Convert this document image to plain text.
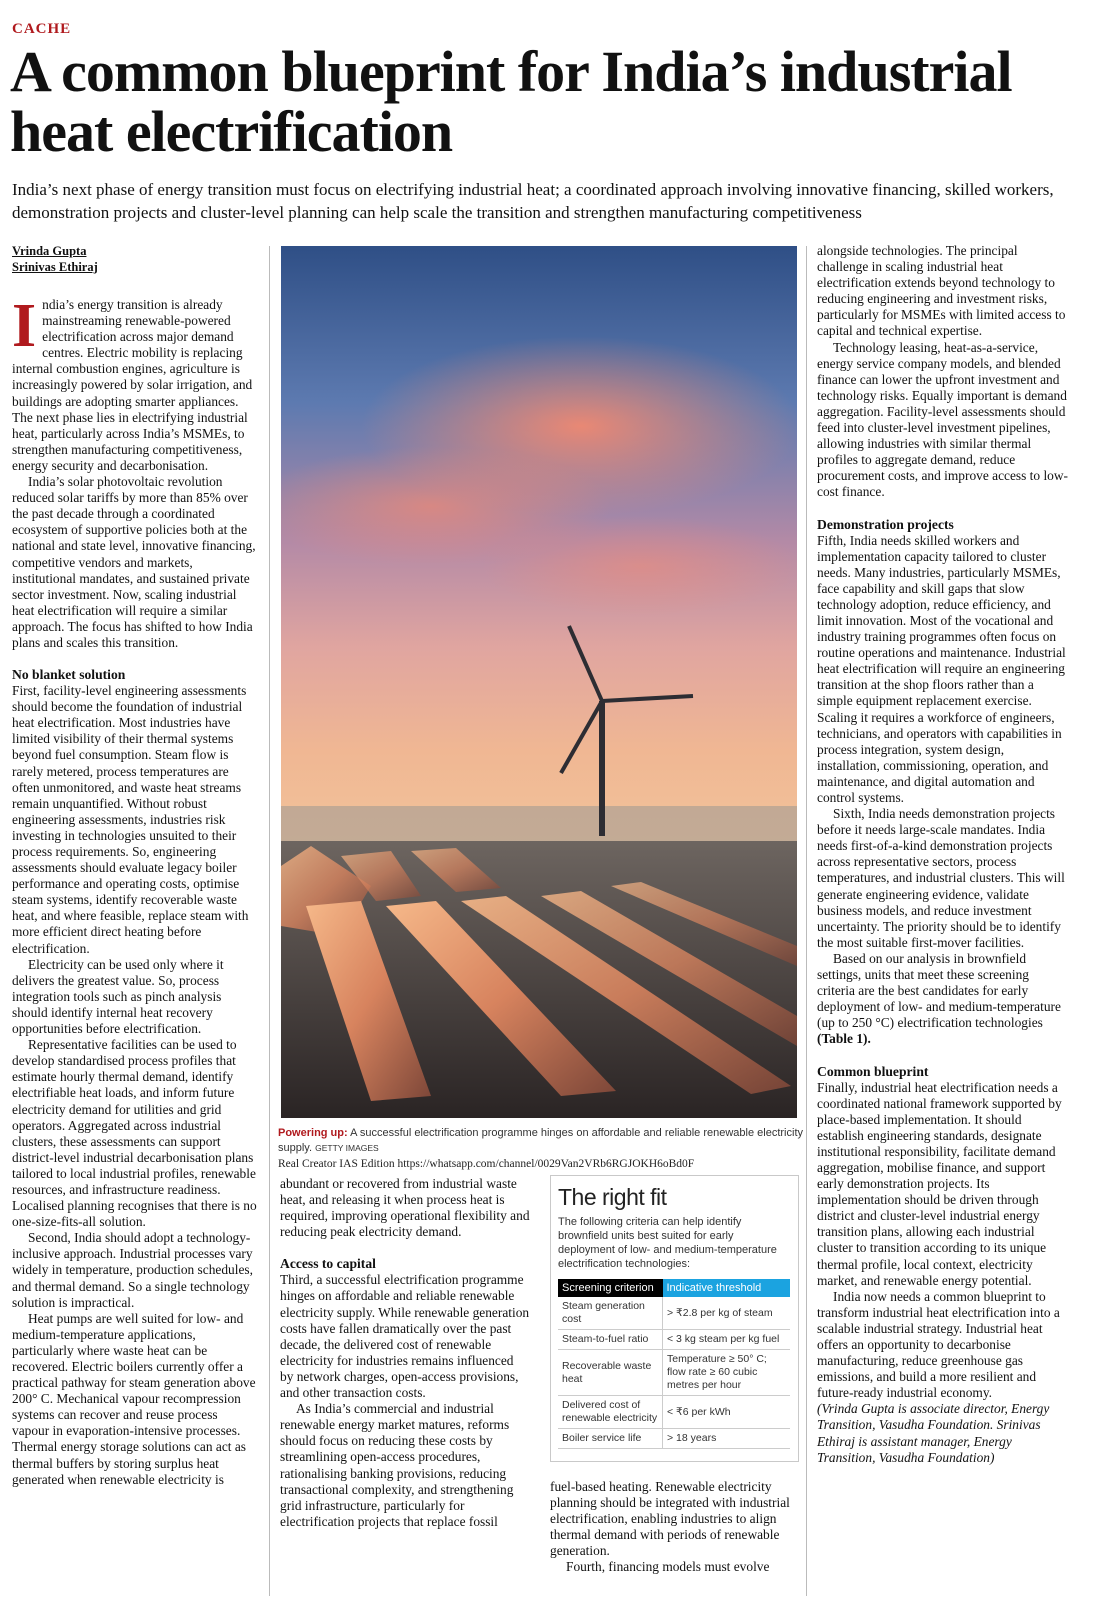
CACHE
A common blueprint for India’s industrial heat electrification
India’s next phase of energy transition must focus on electrifying industrial heat; a coordinated approach involving innovative financing, skilled workers, demonstration projects and cluster-level planning can help scale the transition and strengthen manufacturing competitiveness
Vrinda Gupta
Srinivas Ethiraj

India’s energy transition is already mainstreaming renewable-powered electrification across major demand centres. Electric mobility is replacing internal combustion engines, agriculture is increasingly powered by solar irrigation, and buildings are adopting smarter appliances. The next phase lies in electrifying industrial heat, particularly across India’s MSMEs, to strengthen manufacturing competitiveness, energy security and decarbonisation.

India’s solar photovoltaic revolution reduced solar tariffs by more than 85% over the past decade through a coordinated ecosystem of supportive policies both at the national and state level, innovative financing, competitive vendors and markets, institutional mandates, and sustained private sector investment. Now, scaling industrial heat electrification will require a similar approach. The focus has shifted to how India plans and scales this transition.

No blanket solution

First, facility-level engineering assessments should become the foundation of industrial heat electrification. Most industries have limited visibility of their thermal systems beyond fuel consumption. Steam flow is rarely metered, process temperatures are often unmonitored, and waste heat streams remain unquantified. Without robust engineering assessments, industries risk investing in technologies unsuited to their process requirements. So, engineering assessments should evaluate legacy boiler performance and operating costs, optimise steam systems, identify recoverable waste heat, and where feasible, replace steam with more efficient direct heating before electrification.

Electricity can be used only where it delivers the greatest value. So, process integration tools such as pinch analysis should identify internal heat recovery opportunities before electrification.

Representative facilities can be used to develop standardised process profiles that estimate hourly thermal demand, identify electrifiable heat loads, and inform future electricity demand for utilities and grid operators. Aggregated across industrial clusters, these assessments can support district-level industrial decarbonisation plans tailored to local industrial profiles, renewable resources, and infrastructure readiness. Localised planning recognises that there is no one-size-fits-all solution.

Second, India should adopt a technology-inclusive approach. Industrial processes vary widely in temperature, production schedules, and thermal demand. So a single technology solution is impractical.

Heat pumps are well suited for low- and medium-temperature applications, particularly where waste heat can be recovered. Electric boilers currently offer a practical pathway for steam generation above 200° C. Mechanical vapour recompression systems can recover and reuse process vapour in evaporation-intensive processes. Thermal energy storage solutions can act as thermal buffers by storing surplus heat generated when renewable electricity is

Powering up: A successful electrification programme hinges on affordable and reliable renewable electricity supply. GETTY IMAGES
Real Creator IAS Edition https://whatsapp.com/channel/0029Van2VRb6RGJOKH6oBd0F

abundant or recovered from industrial waste heat, and releasing it when process heat is required, improving operational flexibility and reducing peak electricity demand.

Access to capital

Third, a successful electrification programme hinges on affordable and reliable renewable electricity supply. While renewable generation costs have fallen dramatically over the past decade, the delivered cost of renewable electricity for industries remains influenced by network charges, open-access provisions, and other transaction costs.

As India’s commercial and industrial renewable energy market matures, reforms should focus on reducing these costs by streamlining open-access procedures, rationalising banking provisions, reducing transactional complexity, and strengthening grid infrastructure, particularly for electrification projects that replace fossil

The right fit
The following criteria can help identify brownfield units best suited for early deployment of low- and medium-temperature electrification technologies:
Screening criterion	Indicative threshold
Steam generation cost	> ₹2.8 per kg of steam
Steam-to-fuel ratio	< 3 kg steam per kg fuel
Recoverable waste heat	Temperature ≥ 50° C; flow rate ≥ 60 cubic metres per hour
Delivered cost of renewable electricity	< ₹6 per kWh
Boiler service life	> 18 years

fuel-based heating. Renewable electricity planning should be integrated with industrial electrification, enabling industries to align thermal demand with periods of renewable generation.

Fourth, financing models must evolve

alongside technologies. The principal challenge in scaling industrial heat electrification extends beyond technology to reducing engineering and investment risks, particularly for MSMEs with limited access to capital and technical expertise.

Technology leasing, heat-as-a-service, energy service company models, and blended finance can lower the upfront investment and technology risks. Equally important is demand aggregation. Facility-level assessments should feed into cluster-level investment pipelines, allowing industries with similar thermal profiles to aggregate demand, reduce procurement costs, and improve access to low-cost finance.

Demonstration projects

Fifth, India needs skilled workers and implementation capacity tailored to cluster needs. Many industries, particularly MSMEs, face capability and skill gaps that slow technology adoption, reduce efficiency, and limit innovation. Most of the vocational and industry training programmes often focus on routine operations and maintenance. Industrial heat electrification will require an engineering transition at the shop floors rather than a simple equipment replacement exercise. Scaling it requires a workforce of engineers, technicians, and operators with capabilities in process integration, system design, installation, commissioning, operation, and maintenance, and digital automation and control systems.

Sixth, India needs demonstration projects before it needs large-scale mandates. India needs first-of-a-kind demonstration projects across representative sectors, process temperatures, and industrial clusters. This will generate engineering evidence, validate business models, and reduce investment uncertainty. The priority should be to identify the most suitable first-mover facilities.

Based on our analysis in brownfield settings, units that meet these screening criteria are the best candidates for early deployment of low- and medium-temperature (up to 250 °C) electrification technologies (Table 1).

Common blueprint

Finally, industrial heat electrification needs a coordinated national framework supported by place-based implementation. It should establish engineering standards, designate institutional responsibility, facilitate demand aggregation, mobilise finance, and support early demonstration projects. Its implementation should be driven through district and cluster-level industrial energy transition plans, allowing each industrial cluster to transition according to its unique thermal profile, local context, electricity market, and renewable energy potential.

India now needs a common blueprint to transform industrial heat electrification into a scalable industrial strategy. Industrial heat offers an opportunity to decarbonise manufacturing, reduce greenhouse gas emissions, and build a more resilient and future-ready industrial economy.

(Vrinda Gupta is associate director, Energy Transition, Vasudha Foundation. Srinivas Ethiraj is assistant manager, Energy Transition, Vasudha Foundation)
